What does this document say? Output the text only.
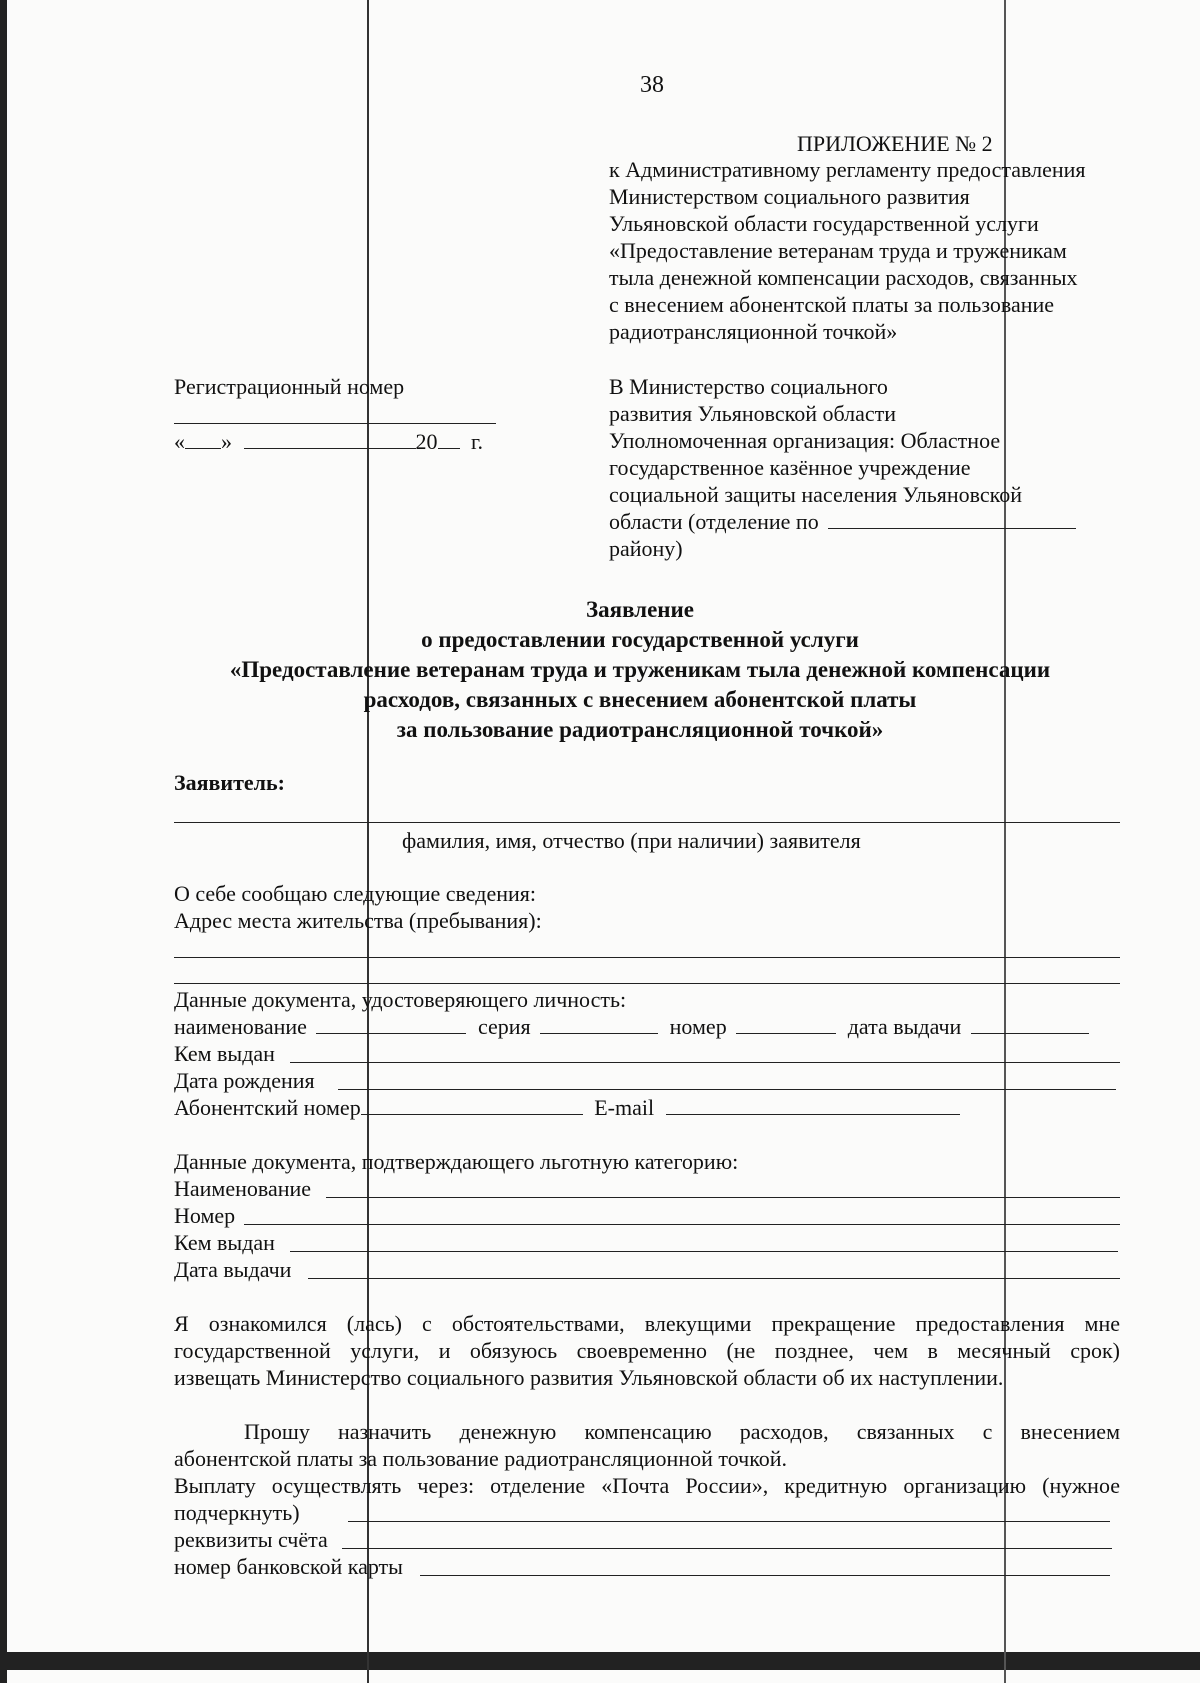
38
ПРИЛОЖЕНИЕ № 2
к Административному регламенту предоставления
Министерством социального развития
Ульяновской области государственной услуги
«Предоставление ветеранам труда и труженикам
тыла денежной компенсации расходов, связанных
с внесением абонентской платы за пользование
радиотрансляционной точкой»
Регистрационный номер
« »	20 г.
В Министерство социального
развития Ульяновской области
Уполномоченная организация: Областное
государственное казённое учреждение
социальной защиты населения Ульяновской
области (отделение по
району)
Заявление
о предоставлении государственной услуги
«Предоставление ветеранам труда и труженикам тыла денежной компенсации
расходов, связанных с внесением абонентской платы
за пользование радиотрансляционной точкой»
Заявитель:
фамилия, имя, отчество (при наличии) заявителя
О себе сообщаю следующие сведения:
Адрес места жительства (пребывания):
Данные документа, удостоверяющего личность:
наименование	серия	номер	дата выдачи
Кем выдан
Дата рождения
Абонентский номер	E-mail
Данные документа, подтверждающего льготную категорию:
Наименование
Номер
Кем выдан
Дата выдачи
Я ознакомился (лась) с обстоятельствами, влекущими прекращение предоставления мне
государственной услуги, и обязуюсь своевременно (не позднее, чем в месячный срок)
извещать Министерство социального развития Ульяновской области об их наступлении.
Прошу назначить денежную компенсацию расходов, связанных с внесением
абонентской платы за пользование радиотрансляционной точкой.
Выплату осуществлять через: отделение «Почта России», кредитную организацию (нужное
подчеркнуть)
реквизиты счёта
номер банковской карты
